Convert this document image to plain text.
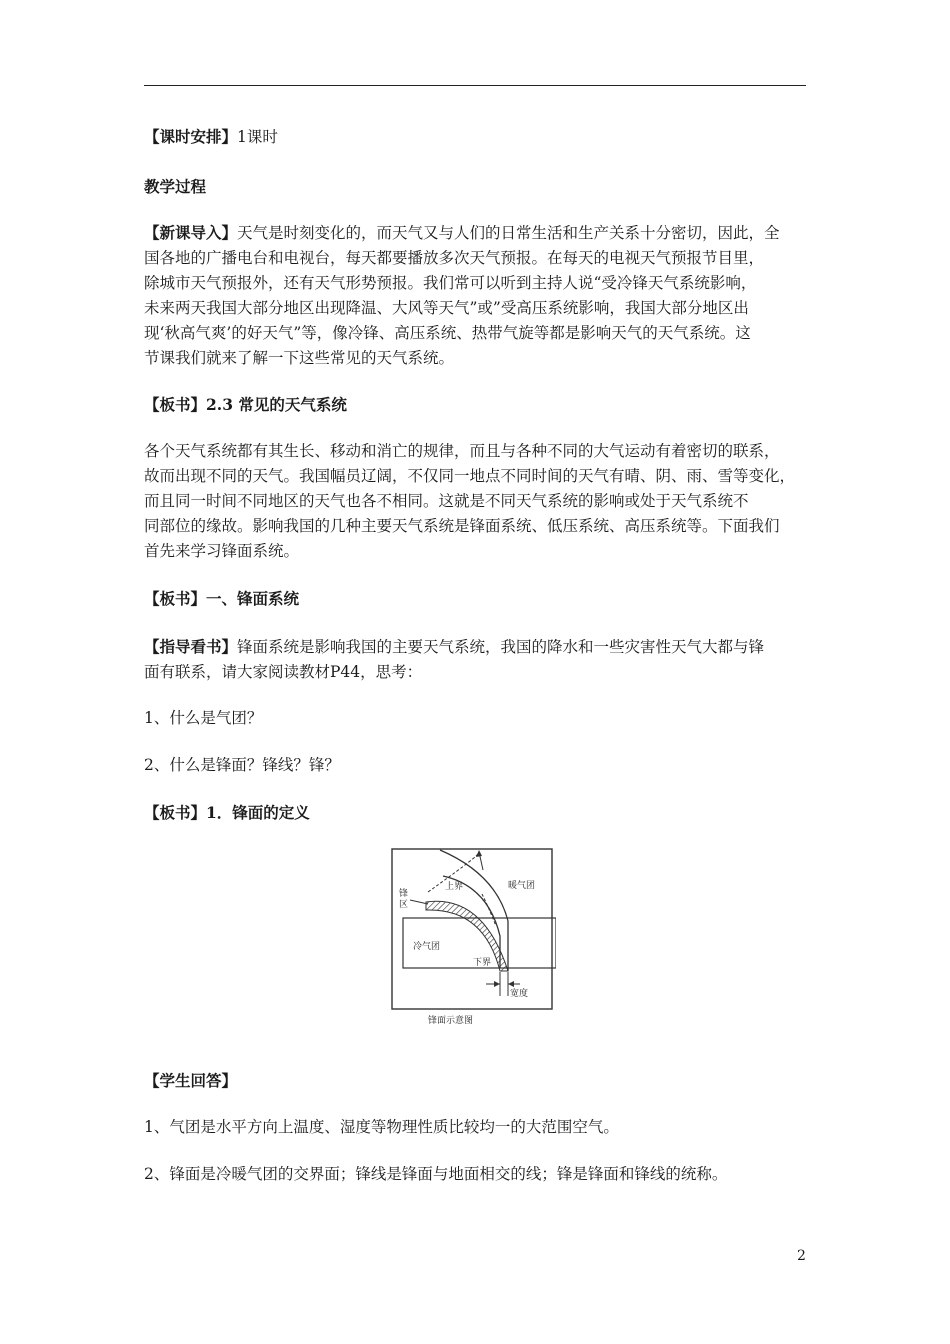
【课时安排】1课时

教学过程

【新课导入】天气是时刻变化的，而天气又与人们的日常生活和生产关系十分密切，因此，全
国各地的广播电台和电视台，每天都要播放多次天气预报。在每天的电视天气预报节目里，
除城市天气预报外，还有天气形势预报。我们常可以听到主持人说“受冷锋天气系统影响，
未来两天我国大部分地区出现降温、大风等天气”或”受高压系统影响，我国大部分地区出
现‘秋高气爽’的好天气”等，像冷锋、高压系统、热带气旋等都是影响天气的天气系统。这
节课我们就来了解一下这些常见的天气系统。

【板书】2.3 常见的天气系统

各个天气系统都有其生长、移动和消亡的规律，而且与各种不同的大气运动有着密切的联系，
故而出现不同的天气。我国幅员辽阔，不仅同一地点不同时间的天气有晴、阴、雨、雪等变化，
而且同一时间不同地区的天气也各不相同。这就是不同天气系统的影响或处于天气系统不
同部位的缘故。影响我国的几种主要天气系统是锋面系统、低压系统、高压系统等。下面我们
首先来学习锋面系统。

【板书】一、锋面系统

【指导看书】锋面系统是影响我国的主要天气系统，我国的降水和一些灾害性天气大都与锋
面有联系，请大家阅读教材P44，思考：

1、什么是气团？

2、什么是锋面？锋线？锋？

【板书】1．锋面的定义

锋
区
上界	暖气团
冷气团
下界
宽度
锋面示意图

【学生回答】

1、气团是水平方向上温度、湿度等物理性质比较均一的大范围空气。

2、锋面是冷暖气团的交界面；锋线是锋面与地面相交的线；锋是锋面和锋线的统称。

2
